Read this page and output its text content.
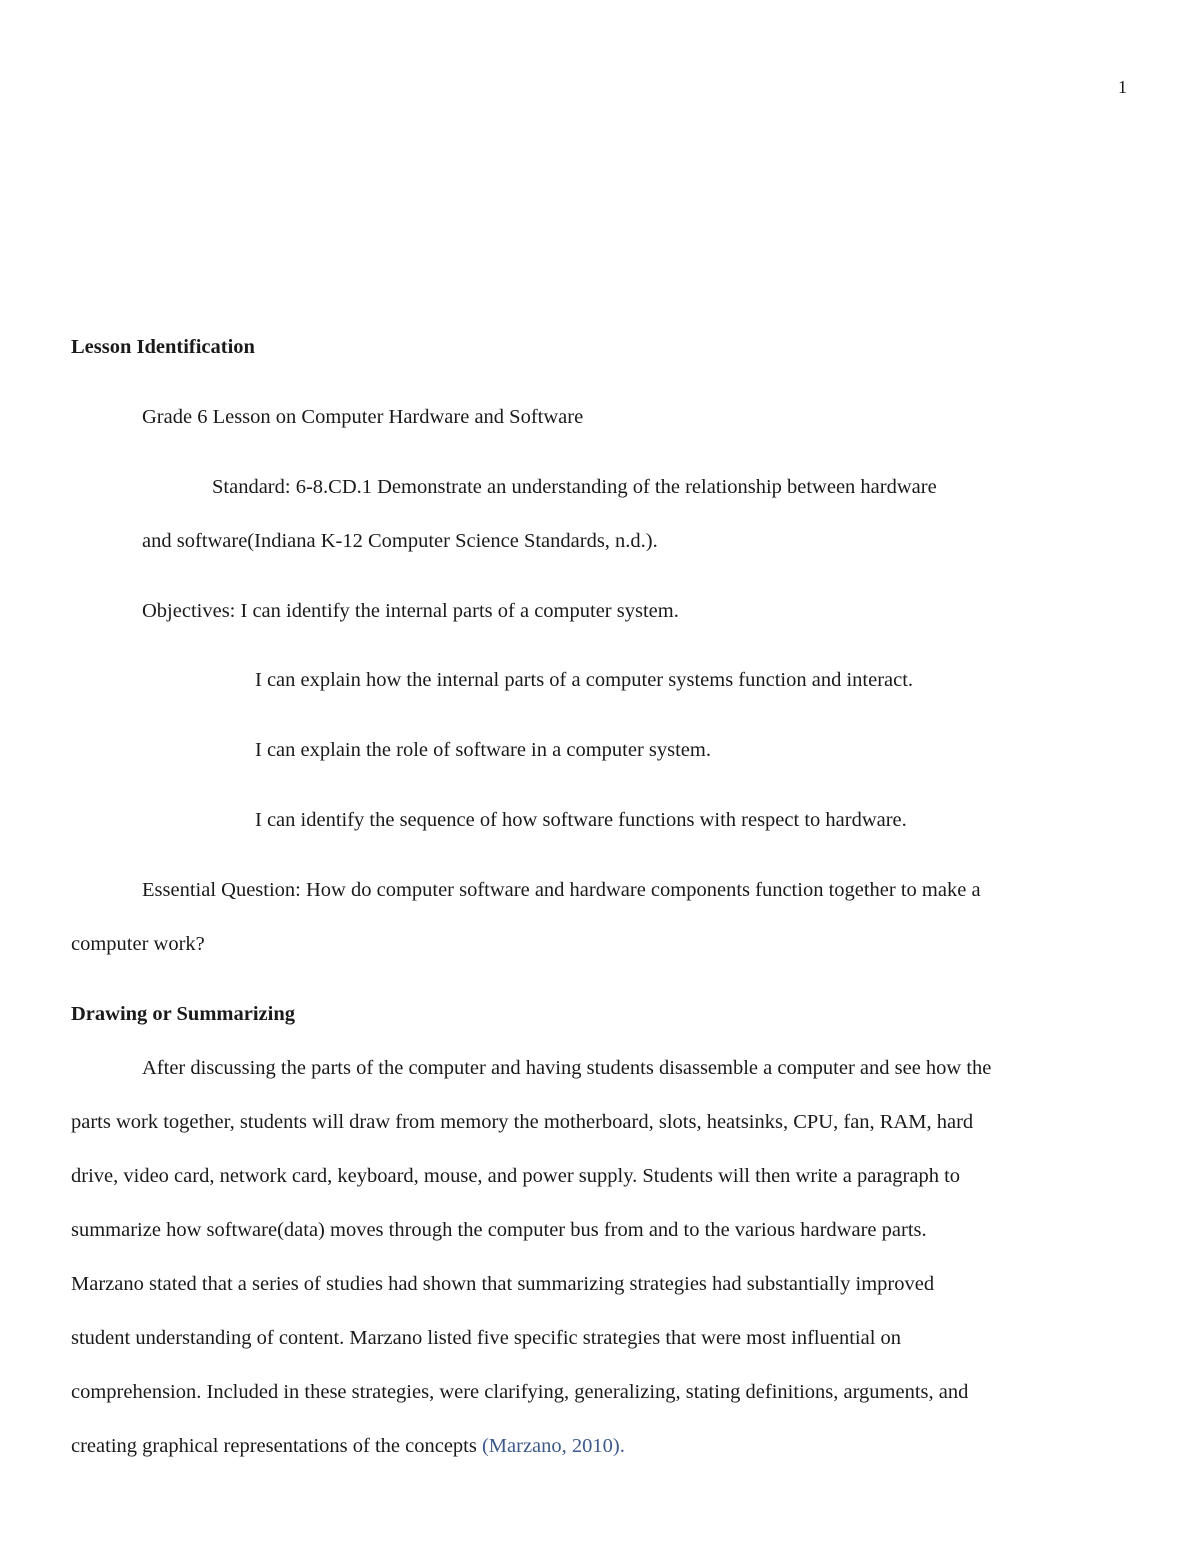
1
Lesson Identification
Grade 6 Lesson on Computer Hardware and Software
Standard: 6-8.CD.1 Demonstrate an understanding of the relationship between hardware
and software(Indiana K-12 Computer Science Standards, n.d.).
Objectives: I can identify the internal parts of a computer system.
I can explain how the internal parts of a computer systems function and interact.
I can explain the role of software in a computer system.
I can identify the sequence of how software functions with respect to hardware.
Essential Question: How do computer software and hardware components function together to make a
computer work?
Drawing or Summarizing
After discussing the parts of the computer and having students disassemble a computer and see how the
parts work together, students will draw from memory the motherboard, slots, heatsinks, CPU, fan, RAM, hard
drive, video card, network card, keyboard, mouse, and power supply. Students will then write a paragraph to
summarize how software(data) moves through the computer bus from and to the various hardware parts.
Marzano stated that a series of studies had shown that summarizing strategies had substantially improved
student understanding of content. Marzano listed five specific strategies that were most influential on
comprehension. Included in these strategies, were clarifying, generalizing, stating definitions, arguments, and
creating graphical representations of the concepts (Marzano, 2010).
